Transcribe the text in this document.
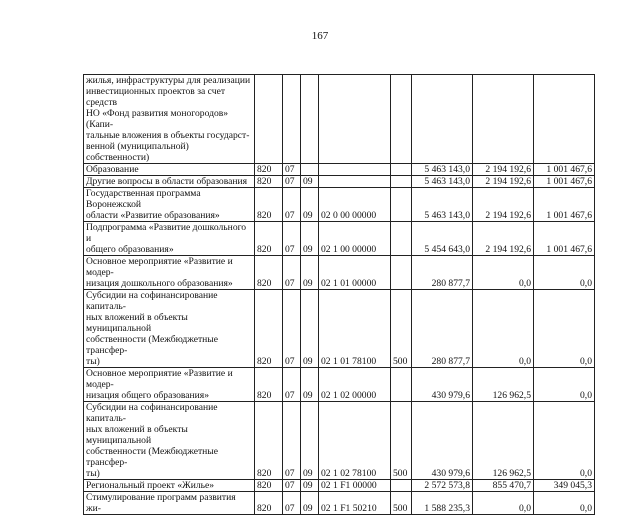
167
жилья, инфраструктуры для реализации
инвестиционных проектов за счет средств
НО «Фонд развития моногородов» (Капи-
тальные вложения в объекты государст-
венной (муниципальной) собственности)								

Образование	820	07				5 463 143,0	2 194 192,6	1 001 467,6

Другие вопросы в области образования	820	07	09			5 463 143,0	2 194 192,6	1 001 467,6

Государственная программа Воронежской
области «Развитие образования»	820	07	09	02 0 00 00000		5 463 143,0	2 194 192,6	1 001 467,6

Подпрограмма «Развитие дошкольного и
общего образования»	820	07	09	02 1 00 00000		5 454 643,0	2 194 192,6	1 001 467,6

Основное мероприятие «Развитие и модер-
низация дошкольного образования»	820	07	09	02 1 01 00000		280 877,7	0,0	0,0

Субсидии на софинансирование капиталь-
ных вложений в объекты муниципальной
собственности (Межбюджетные трансфер-
ты)	820	07	09	02 1 01 78100	500	280 877,7	0,0	0,0

Основное мероприятие «Развитие и модер-
низация общего образования»	820	07	09	02 1 02 00000		430 979,6	126 962,5	0,0

Субсидии на софинансирование капиталь-
ных вложений в объекты муниципальной
собственности (Межбюджетные трансфер-
ты)	820	07	09	02 1 02 78100	500	430 979,6	126 962,5	0,0

Региональный проект «Жилье»	820	07	09	02 1 F1 00000		2 572 573,8	855 470,7	349 045,3

Стимулирование программ развития жи-	820	07	09	02 1 F1 50210	500	1 588 235,3	0,0	0,0
